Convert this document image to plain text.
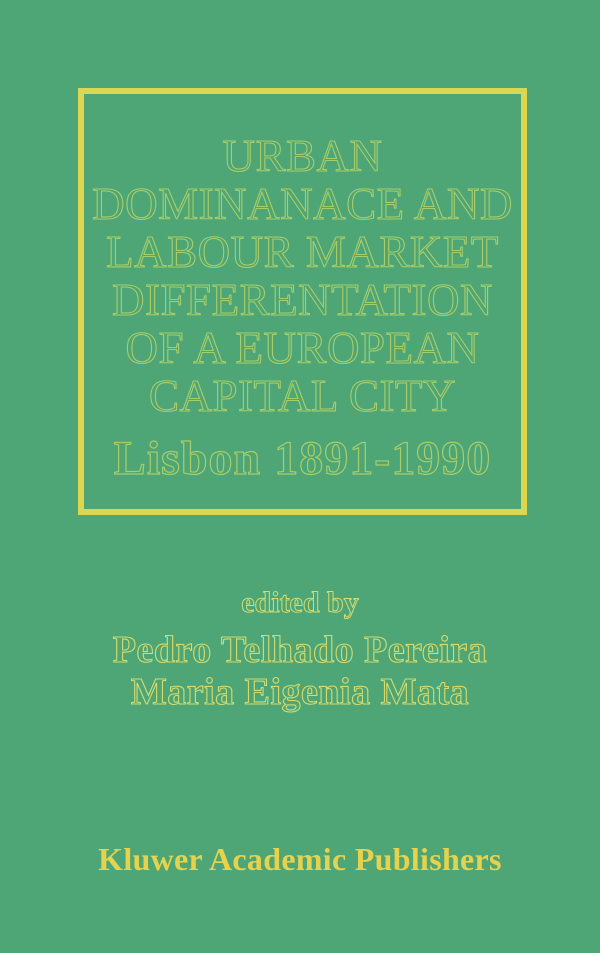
URBAN
DOMINANACE AND
LABOUR MARKET
DIFFERENTATION
OF A EUROPEAN
CAPITAL CITY
Lisbon 1891-1990
edited by
Pedro Telhado Pereira
Maria Eigenia Mata
Kluwer Academic Publishers
